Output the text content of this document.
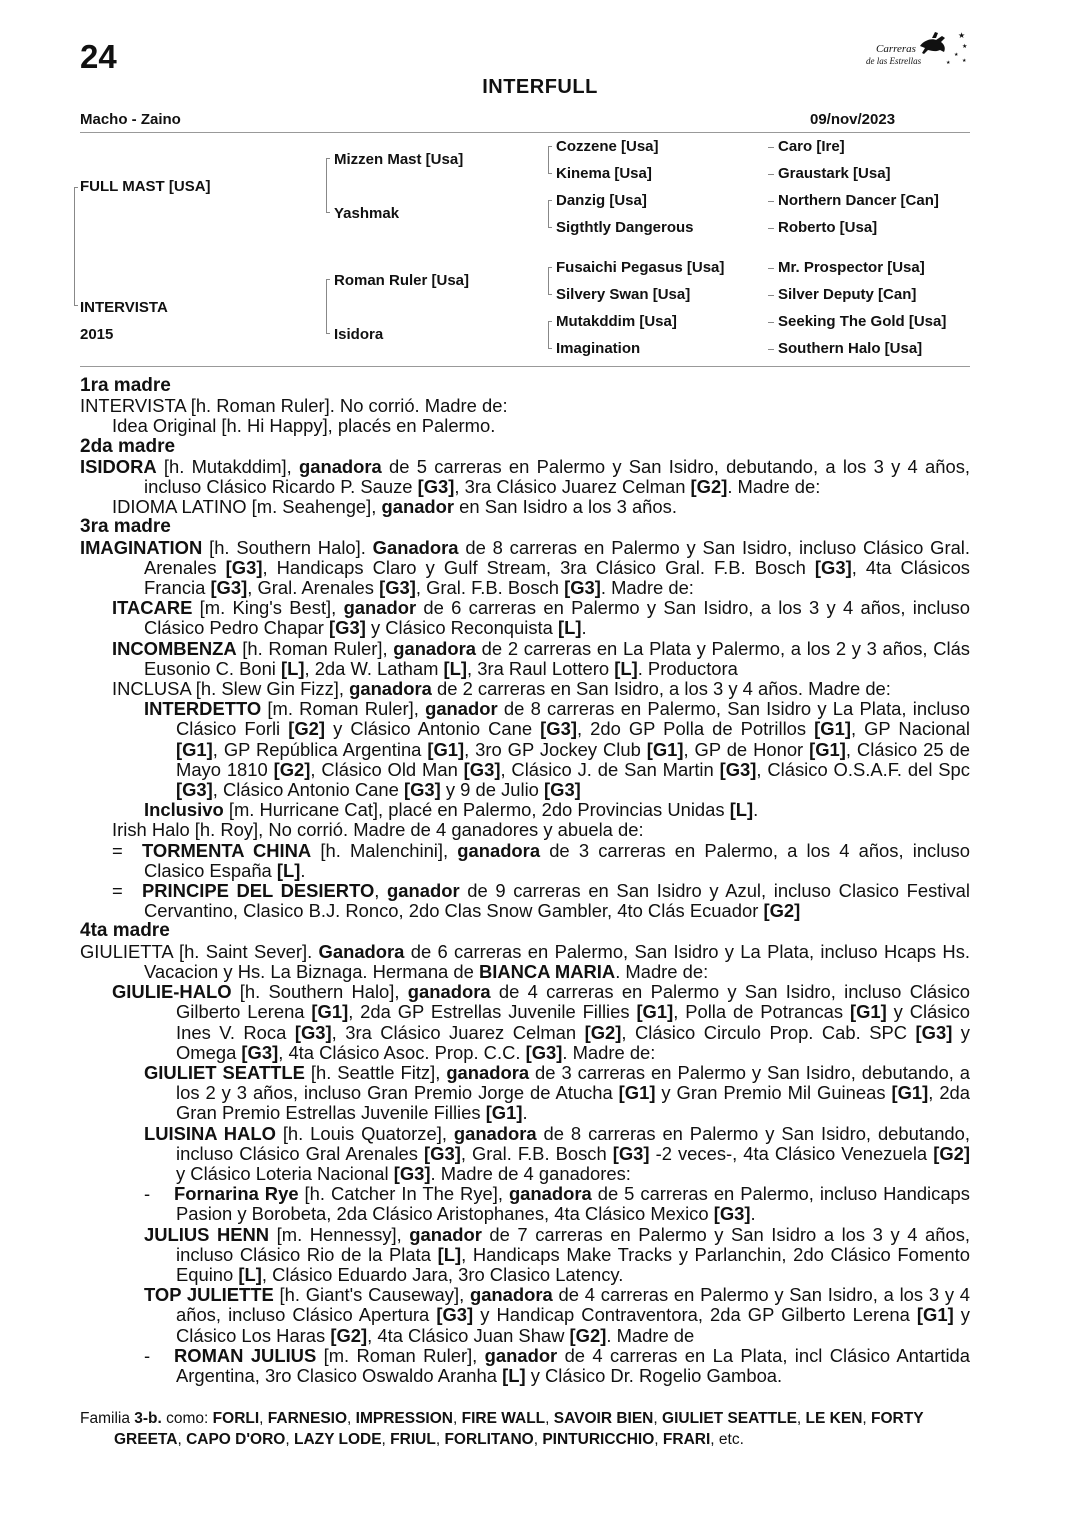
24
★
★
★
★ ★
Carreras
de las Estrellas
INTERFULL
Macho - Zaino	09/nov/2023
FULL MAST [USA]
INTERVISTA
2015
Mizzen Mast [Usa]
Yashmak
Roman Ruler [Usa]
Isidora
Cozzene [Usa]
Kinema [Usa]
Danzig [Usa]
Sigthtly Dangerous
Fusaichi Pegasus [Usa]
Silvery Swan [Usa]
Mutakddim [Usa]
Imagination
Caro [Ire]
Graustark [Usa]
Northern Dancer [Can]
Roberto [Usa]
Mr. Prospector [Usa]
Silver Deputy [Can]
Seeking The Gold [Usa]
Southern Halo [Usa]

1ra madre

INTERVISTA [h. Roman Ruler]. No corrió. Madre de:

Idea Original [h. Hi Happy], placés en Palermo.

2da madre

ISIDORA [h. Mutakddim], ganadora de 5 carreras en Palermo y San Isidro, debutando, a los 3 y 4 años, incluso Clásico Ricardo P. Sauze [G3], 3ra Clásico Juarez Celman [G2]. Madre de:

IDIOMA LATINO [m. Seahenge], ganador en San Isidro a los 3 años.

3ra madre

IMAGINATION [h. Southern Halo]. Ganadora de 8 carreras en Palermo y San Isidro, incluso Clásico Gral. Arenales [G3], Handicaps Claro y Gulf Stream, 3ra Clásico Gral. F.B. Bosch [G3], 4ta Clásicos Francia [G3], Gral. Arenales [G3], Gral. F.B. Bosch [G3]. Madre de:

ITACARE [m. King's Best], ganador de 6 carreras en Palermo y San Isidro, a los 3 y 4 años, incluso Clásico Pedro Chapar [G3] y Clásico Reconquista [L].

INCOMBENZA [h. Roman Ruler], ganadora de 2 carreras en La Plata y Palermo, a los 2 y 3 años, Clás Eusonio C. Boni [L], 2da W. Latham [L], 3ra Raul Lottero [L]. Productora

INCLUSA [h. Slew Gin Fizz], ganadora de 2 carreras en San Isidro, a los 3 y 4 años. Madre de:

INTERDETTO [m. Roman Ruler], ganador de 8 carreras en Palermo, San Isidro y La Plata, incluso Clásico Forli [G2] y Clásico Antonio Cane [G3], 2do GP Polla de Potrillos [G1], GP Nacional [G1], GP República Argentina [G1], 3ro GP Jockey Club [G1], GP de Honor [G1], Clásico 25 de Mayo 1810 [G2], Clásico Old Man [G3], Clásico J. de San Martin [G3], Clásico O.S.A.F. del Spc [G3], Clásico Antonio Cane [G3] y 9 de Julio [G3]

Inclusivo [m. Hurricane Cat], placé en Palermo, 2do Provincias Unidas [L].

Irish Halo [h. Roy], No corrió. Madre de 4 ganadores y abuela de:

= TORMENTA CHINA [h. Malenchini], ganadora de 3 carreras en Palermo, a los 4 años, incluso Clasico España [L].

= PRINCIPE DEL DESIERTO, ganador de 9 carreras en San Isidro y Azul, incluso Clasico Festival Cervantino, Clasico B.J. Ronco, 2do Clas Snow Gambler, 4to Clás Ecuador [G2]

4ta madre

GIULIETTA [h. Saint Sever]. Ganadora de 6 carreras en Palermo, San Isidro y La Plata, incluso Hcaps Hs. Vacacion y Hs. La Biznaga. Hermana de BIANCA MARIA. Madre de:

GIULIE-HALO [h. Southern Halo], ganadora de 4 carreras en Palermo y San Isidro, incluso Clásico Gilberto Lerena [G1], 2da GP Estrellas Juvenile Fillies [G1], Polla de Potrancas [G1] y Clásico Ines V. Roca [G3], 3ra Clásico Juarez Celman [G2], Clásico Circulo Prop. Cab. SPC [G3] y Omega [G3], 4ta Clásico Asoc. Prop. C.C. [G3]. Madre de:

GIULIET SEATTLE [h. Seattle Fitz], ganadora de 3 carreras en Palermo y San Isidro, debutando, a los 2 y 3 años, incluso Gran Premio Jorge de Atucha [G1] y Gran Premio Mil Guineas [G1], 2da Gran Premio Estrellas Juvenile Fillies [G1].

LUISINA HALO [h. Louis Quatorze], ganadora de 8 carreras en Palermo y San Isidro, debutando, incluso Clásico Gral Arenales [G3], Gral. F.B. Bosch [G3] -2 veces-, 4ta Clásico Venezuela [G2] y Clásico Loteria Nacional [G3]. Madre de 4 ganadores:

- Fornarina Rye [h. Catcher In The Rye], ganadora de 5 carreras en Palermo, incluso Handicaps Pasion y Borobeta, 2da Clásico Aristophanes, 4ta Clásico Mexico [G3].

JULIUS HENN [m. Hennessy], ganador de 7 carreras en Palermo y San Isidro a los 3 y 4 años, incluso Clásico Rio de la Plata [L], Handicaps Make Tracks y Parlanchin, 2do Clásico Fomento Equino [L], Clásico Eduardo Jara, 3ro Clasico Latency.

TOP JULIETTE [h. Giant's Causeway], ganadora de 4 carreras en Palermo y San Isidro, a los 3 y 4 años, incluso Clásico Apertura [G3] y Handicap Contraventora, 2da GP Gilberto Lerena [G1] y Clásico Los Haras [G2], 4ta Clásico Juan Shaw [G2]. Madre de

- ROMAN JULIUS [m. Roman Ruler], ganador de 4 carreras en La Plata, incl Clásico Antartida Argentina, 3ro Clasico Oswaldo Aranha [L] y Clásico Dr. Rogelio Gamboa.

Familia 3-b. como: FORLI, FARNESIO, IMPRESSION, FIRE WALL, SAVOIR BIEN, GIULIET SEATTLE, LE KEN, FORTY GREETA, CAPO D'ORO, LAZY LODE, FRIUL, FORLITANO, PINTURICCHIO, FRARI, etc.
